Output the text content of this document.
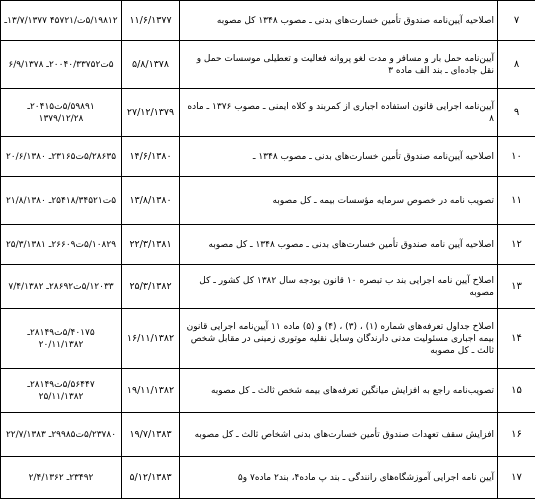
۷	اصلاحیه آیین‌نامه صندوق تأمین خسارت‌های بدنی ـ مصوب ۱۳۴۸ کل مصوبه	۱۱/۶/۱۳۷۷	۵/۱۹۸۱۲ت/۴۵۷۲۱ ۱۳/۷/۱۳۷۷ـ
۸	آیین‌نامه حمل بار و مسافر و مدت لغو پروانه فعالیت و تعطیلی موسسات حمل و نقل جاده‌ای ـ بند الف ماده ۳	۵/۸/۱۳۷۸	۵ت۲۰۰۴۰/۳۳۷۵۲ـ ۶/۹/۱۳۷۸
۹	آیین‌نامه اجرایی قانون استفاده اجباری از کمربند و کلاه ایمنی ـ مصوب ۱۳۷۶ ـ ماده ۸	۲۷/۱۲/۱۳۷۹	۵/۵۹۸۹۱ت۲۰۴۱۵ـ ۱۳۷۹/۱۲/۲۸
۱۰	اصلاحیه آیین‌نامه صندوق تأمین خسارت‌های بدنی ـ مصوب ۱۳۴۸ ـ	۱۴/۶/۱۳۸۰	۵/۲۸۶۳۵ت۲۳۱۶۵ـ ۲۰/۶/۱۳۸۰
۱۱	تصویب نامه در خصوص سرمایه مؤسسات بیمه ـ کل مصوبه	۱۳/۸/۱۳۸۰	۵ت۲۵۴۱۸/۳۴۵۲۱ـ ۲۱/۸/۱۳۸۰
۱۲	اصلاحیه آیین نامه صندوق تأمین خسارت‌های بدنی ـ مصوب ۱۳۴۸ ـ کل مصوبه	۲۲/۳/۱۳۸۱	۵/۱۰۸۲۹ت۲۶۶۰۹ـ ۲۵/۳/۱۳۸۱
۱۳	اصلاح آیین نامه اجرایی بند ب تبصره ۱۰ قانون بودجه سال ۱۳۸۲ کل کشور ـ کل مصوبه	۲۵/۳/۱۳۸۲	۵/۱۲۰۳۳ت۲۸۶۹۲ـ ۷/۴/۱۳۸۲
۱۴	اصلاح جداول تعرفه‌های شماره (۱) ، (۳) ، (۴) و (۵) ماده ۱۱ آیین‌نامه اجرایی قانون بیمه اجباری مسئولیت مدنی دارندگان وسایل نقلیه موتوری زمینی در مقابل شخص ثالث ـ کل مصوبه	۱۶/۱۱/۱۳۸۲	۵/۴۰۱۷۵ت۲۸۱۴۹ـ ۲۰/۱۱/۱۳۸۲
۱۵	تصویب‌نامه راجع به افزایش میانگین تعرفه‌های بیمه شخص ثالث ـ کل مصوبه	۱۹/۱۱/۱۳۸۲	۵/۵۶۴۴۷ت۲۸۱۴۹ـ ۲۵/۱۱/۱۳۸۲
۱۶	افزایش سقف تعهدات صندوق تأمین خسارت‌های بدنی اشخاص ثالث ـ کل مصوبه	۱۹/۷/۱۳۸۳	۵/۲۳۷۸۰ت۲۹۹۸۵ـ ۲۲/۷/۱۳۸۳
۱۷	آیین نامه اجرایی آموزشگاه‌های رانندگی ـ بند پ ماده۴، بند۲ ماده۷ و۵	۵/۱۲/۱۳۸۳	۲۳۴۹۲ـ ۲/۴/۱۳۶۲
